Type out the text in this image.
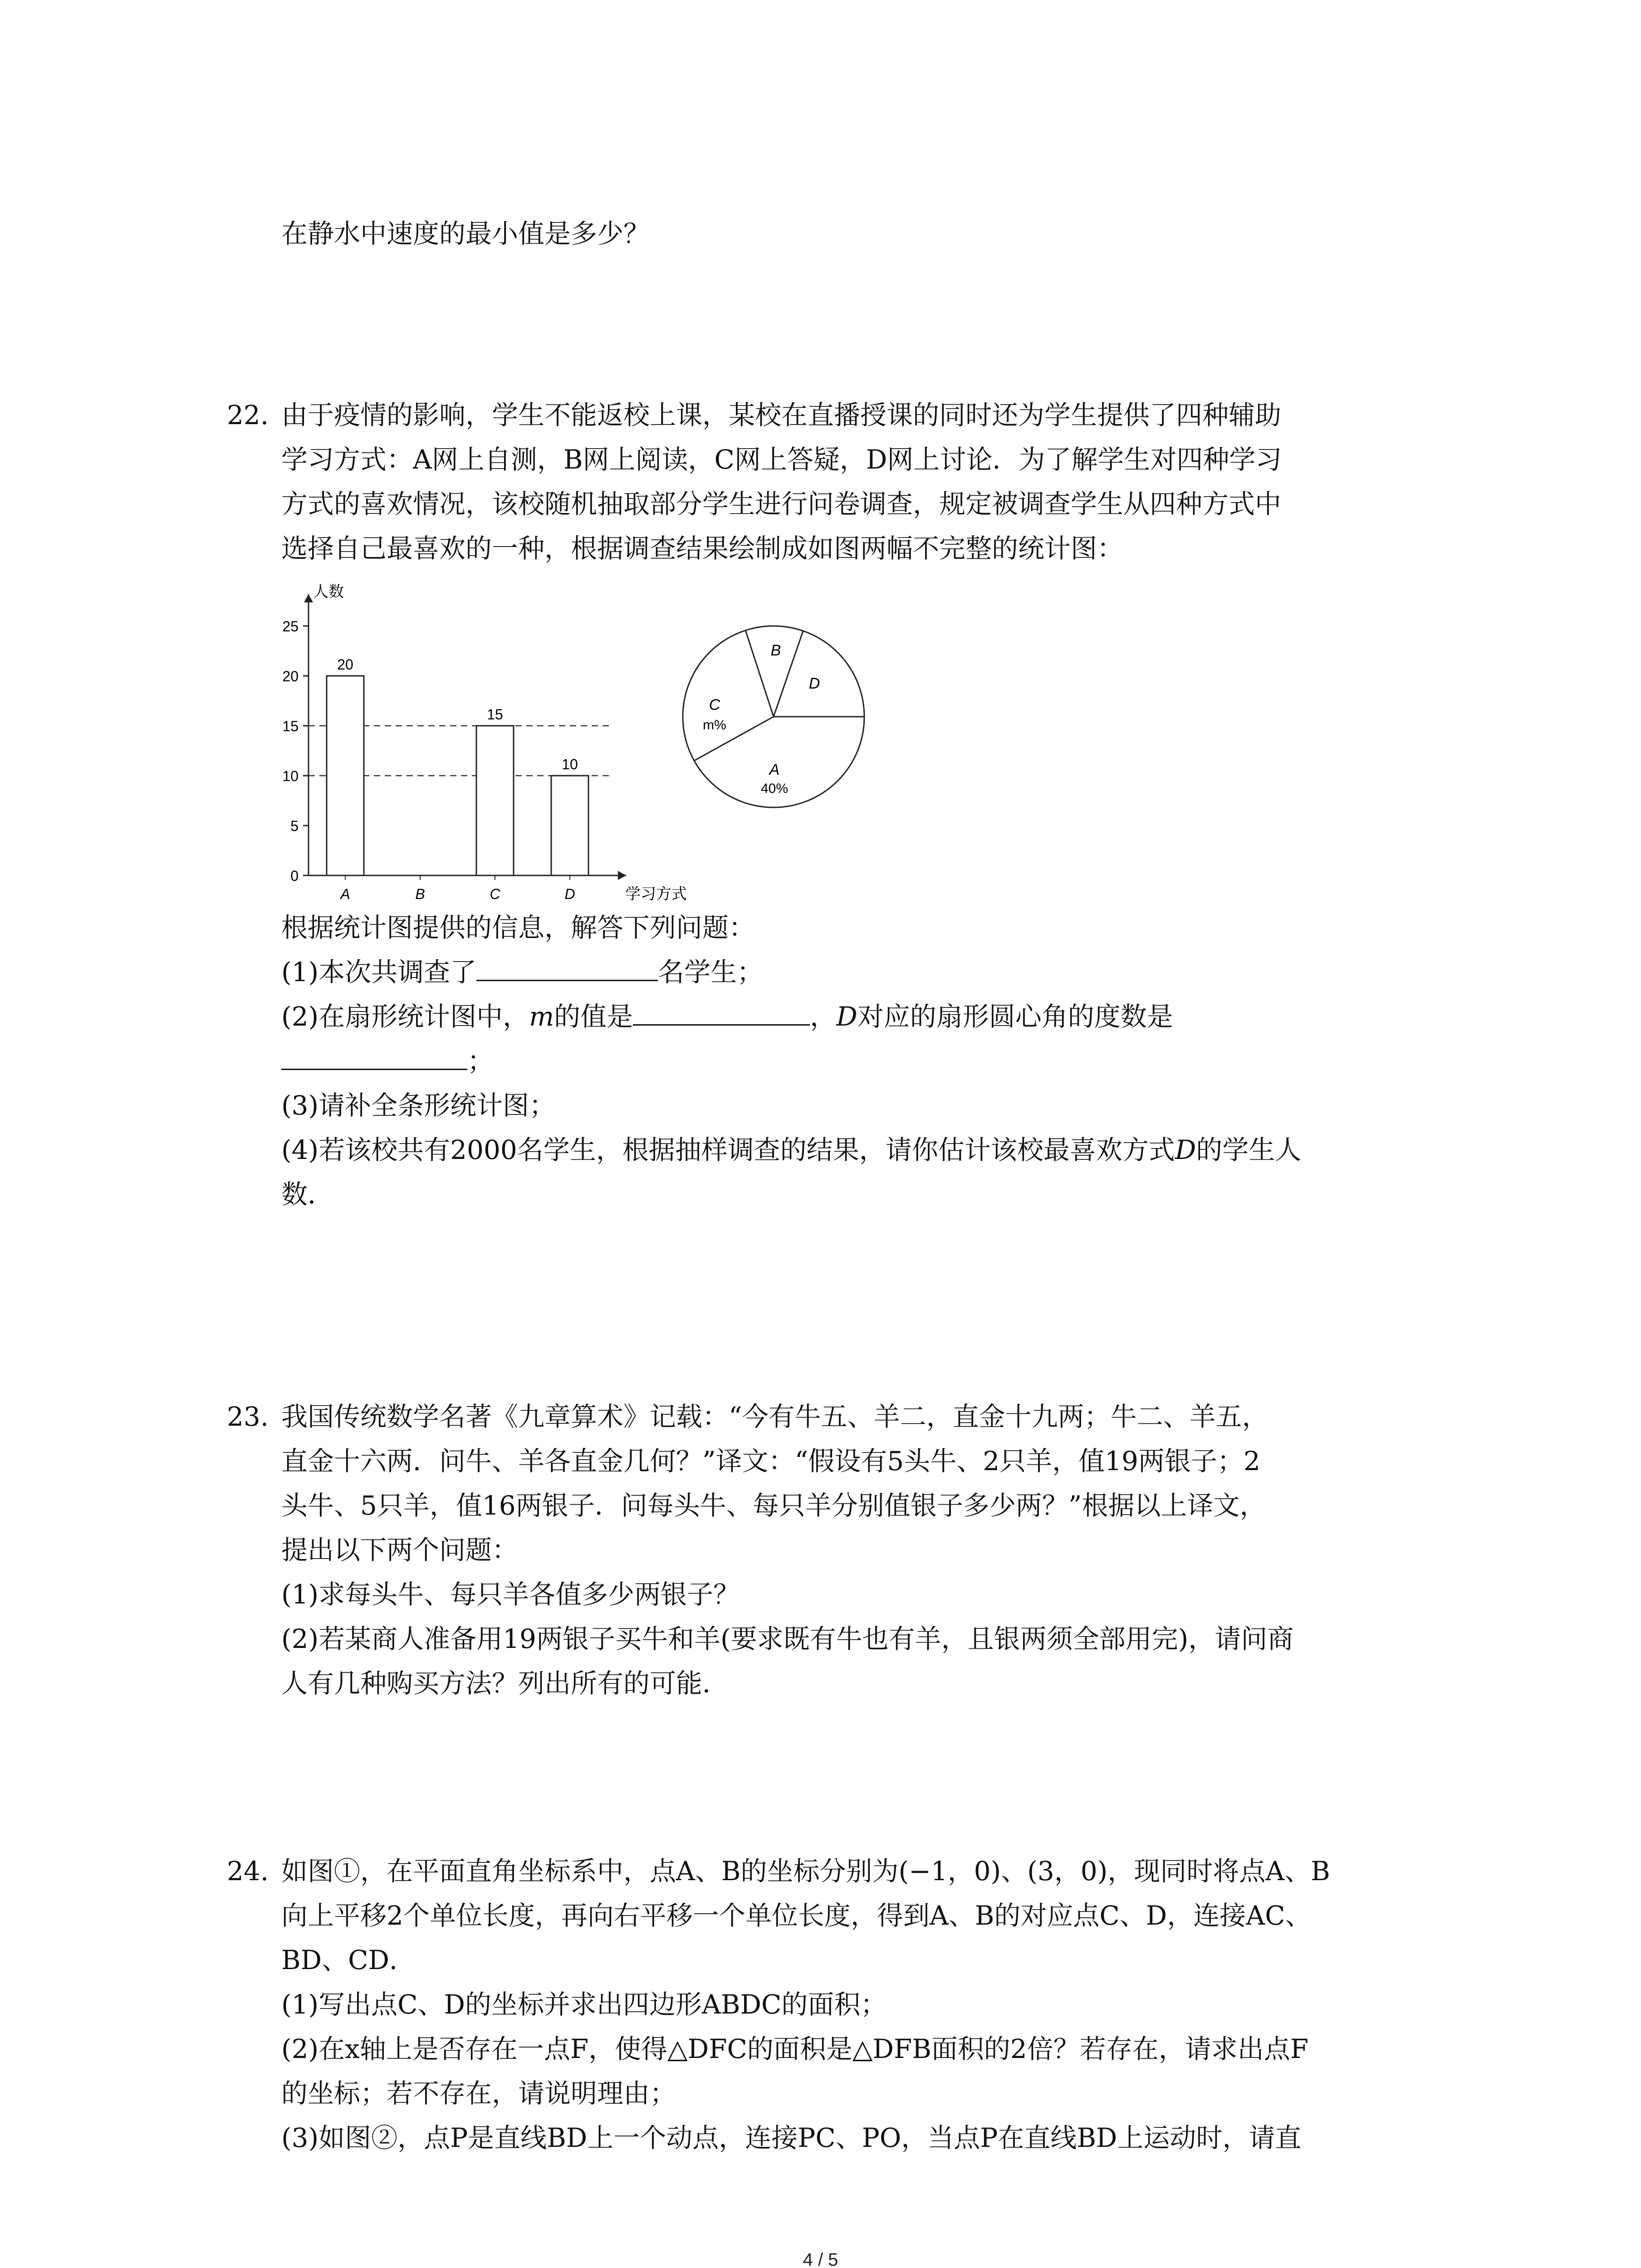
在静水中速度的最小值是多少？
22. 由于疫情的影响，学生不能返校上课，某校在直播授课的同时还为学生提供了四种辅助
学习方式：A网上自测，B网上阅读，C网上答疑，D网上讨论．为了解学生对四种学习
方式的喜欢情况，该校随机抽取部分学生进行问卷调查，规定被调查学生从四种方式中
选择自己最喜欢的一种，根据调查结果绘制成如图两幅不完整的统计图：
0
5
10
15
20
25
20
A	B
15
C
10
D
人数
学习方式
A
40%
B
C
m%
D
根据统计图提供的信息，解答下列问题：
(1)本次共调查了	名学生；
(2)在扇形统计图中，m的值是	，D对应的扇形圆心角的度数是
；
(3)请补全条形统计图；
(4)若该校共有2000名学生，根据抽样调查的结果，请你估计该校最喜欢方式D的学生人
数．
23. 我国传统数学名著《九章算术》记载：“今有牛五、羊二，直金十九两；牛二、羊五，
直金十六两．问牛、羊各直金几何？”译文：“假设有5头牛、2只羊，值19两银子；2
头牛、5只羊，值16两银子．问每头牛、每只羊分别值银子多少两？”根据以上译文，
提出以下两个问题：
(1)求每头牛、每只羊各值多少两银子？
(2)若某商人准备用19两银子买牛和羊(要求既有牛也有羊，且银两须全部用完)，请问商
人有几种购买方法？列出所有的可能．
24. 如图①，在平面直角坐标系中，点A、B的坐标分别为(−1，0)、(3，0)，现同时将点A、B
向上平移2个单位长度，再向右平移一个单位长度，得到A、B的对应点C、D，连接AC、
BD、CD．
(1)写出点C、D的坐标并求出四边形ABDC的面积；
(2)在x轴上是否存在一点F，使得△DFC的面积是△DFB面积的2倍？若存在，请求出点F
的坐标；若不存在，请说明理由；
(3)如图②，点P是直线BD上一个动点，连接PC、PO，当点P在直线BD上运动时，请直
4 / 5
